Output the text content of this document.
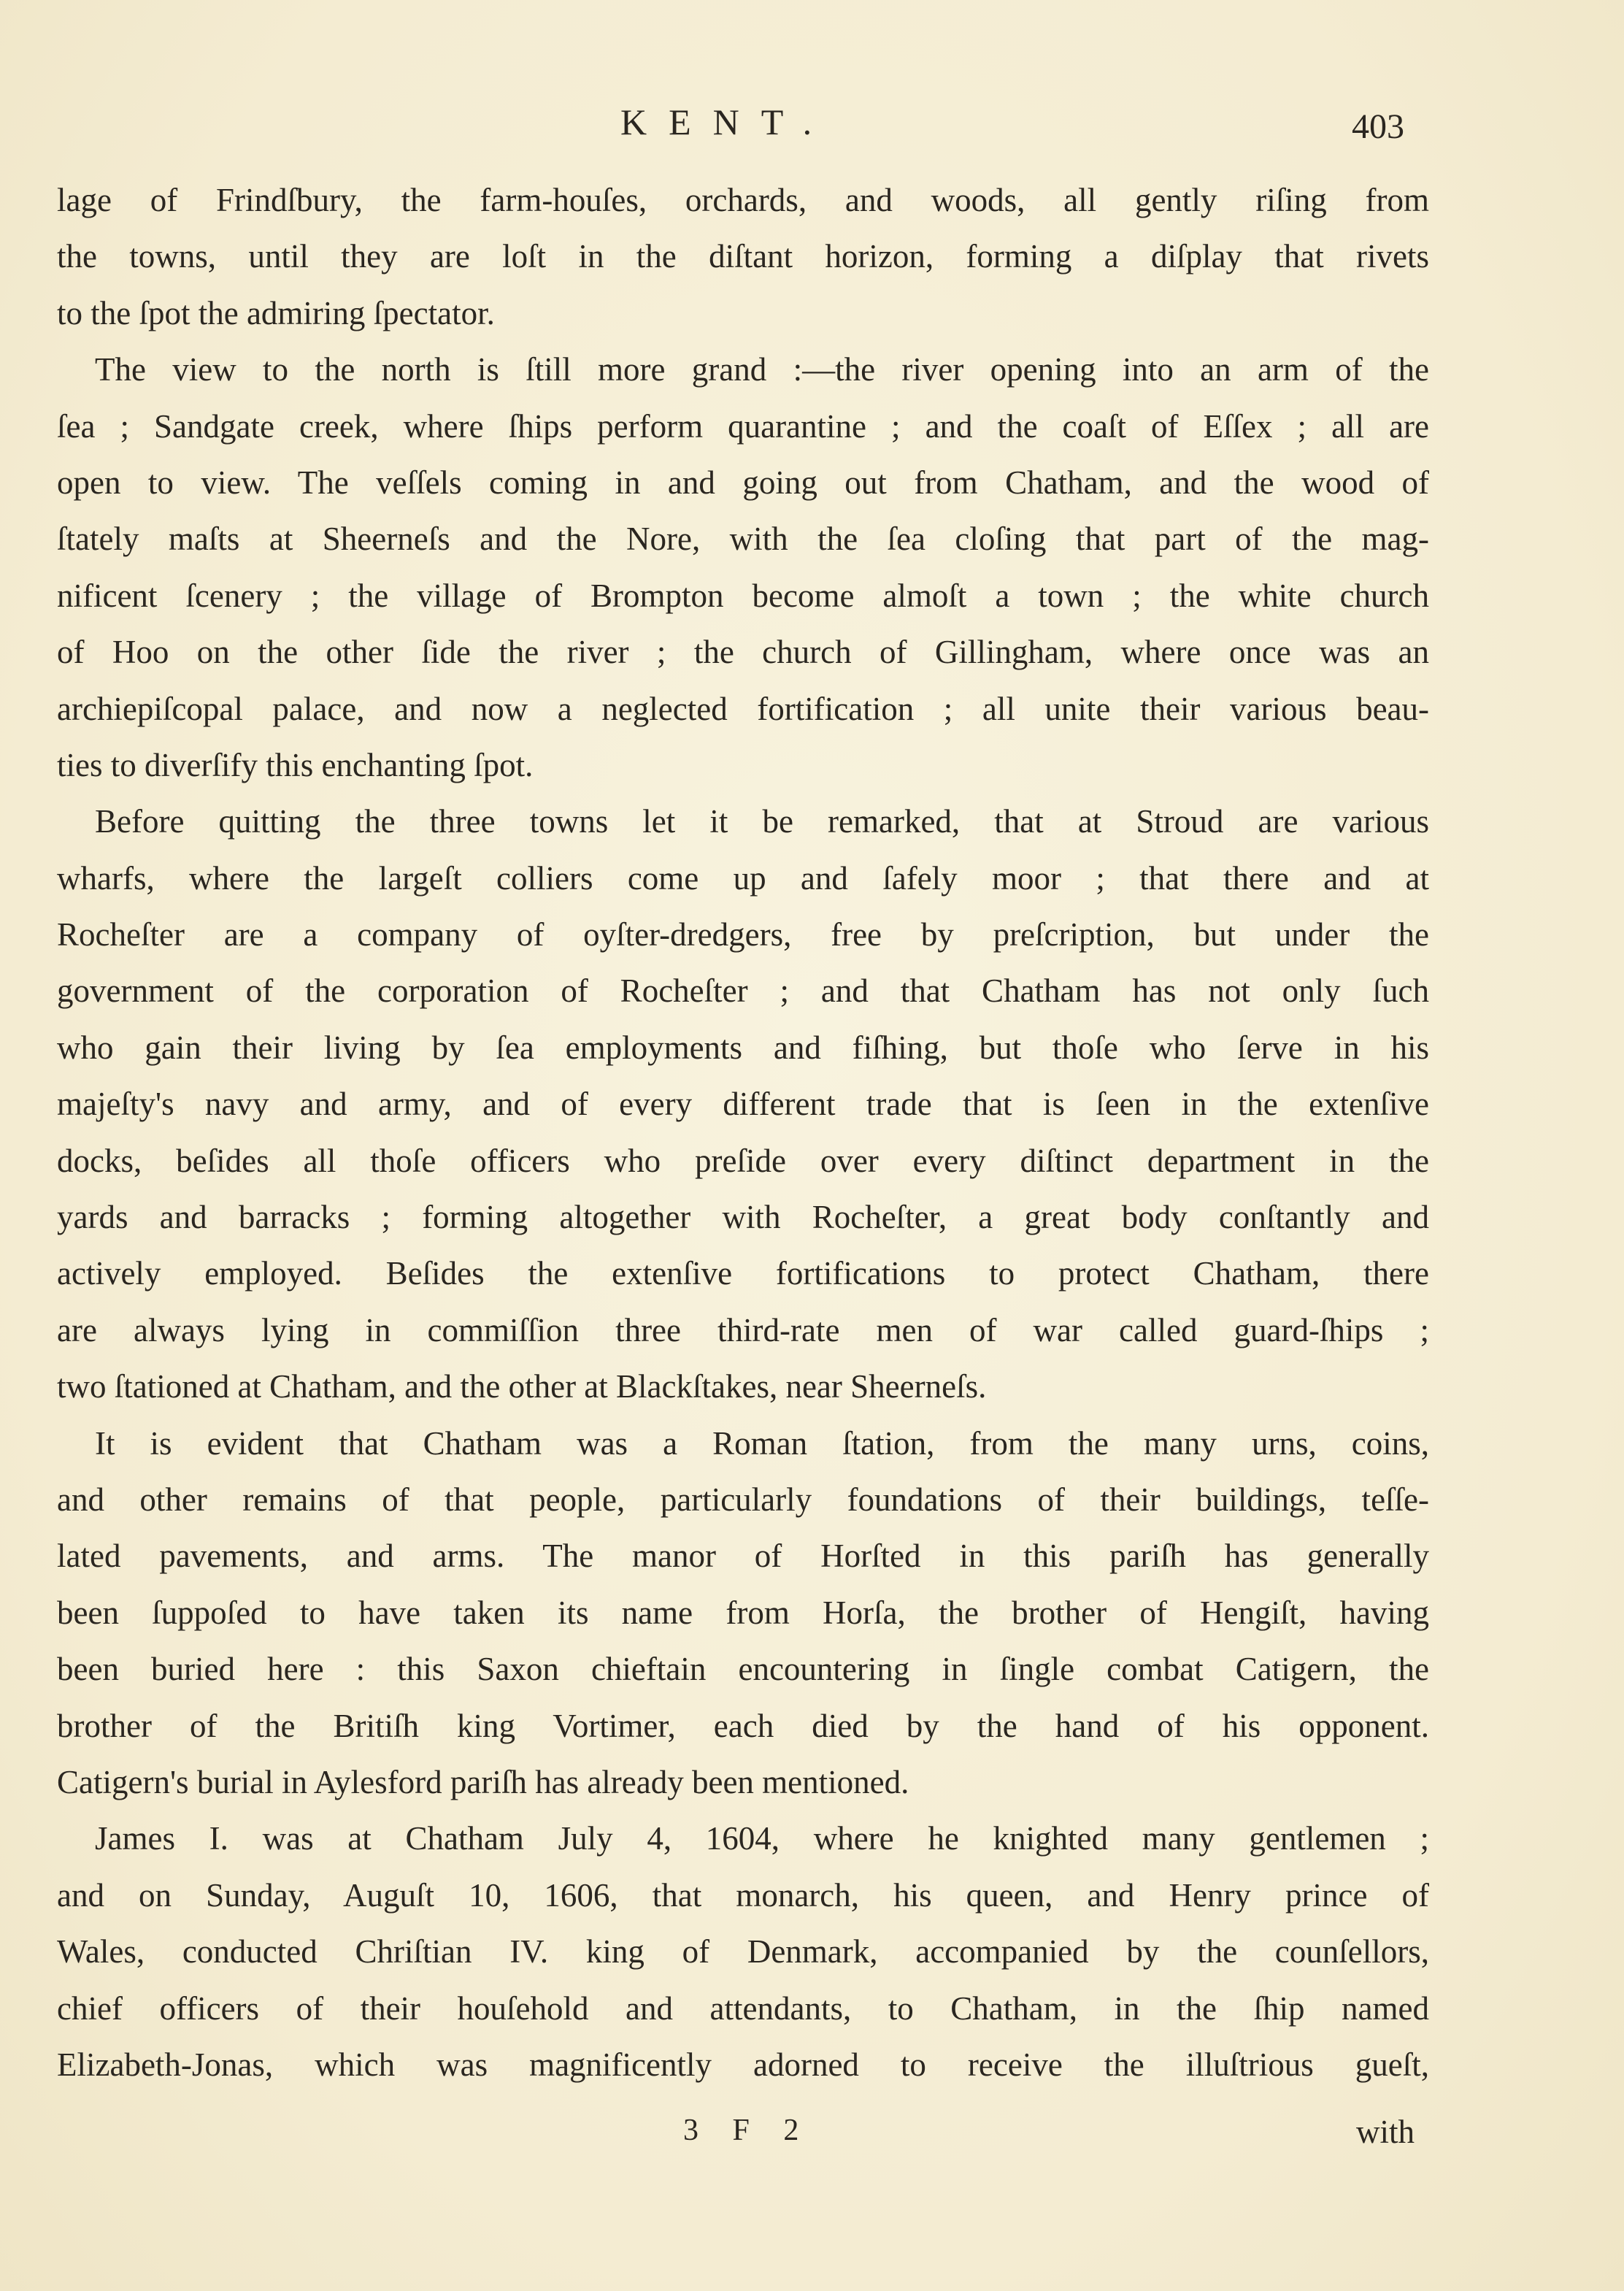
KENT.	403
lage of Frindſbury, the farm-houſes, orchards, and woods, all gently riſing from
the towns, until they are loſt in the diſtant horizon, forming a diſplay that rivets
to the ſpot the admiring ſpectator.
The view to the north is ſtill more grand :—the river opening into an arm of the
ſea ; Sandgate creek, where ſhips perform quarantine ; and the coaſt of Eſſex ; all are
open to view. The veſſels coming in and going out from Chatham, and the wood of
ſtately maſts at Sheerneſs and the Nore, with the ſea cloſing that part of the mag-
nificent ſcenery ; the village of Brompton become almoſt a town ; the white church
of Hoo on the other ſide the river ; the church of Gillingham, where once was an
archiepiſcopal palace, and now a neglected fortification ; all unite their various beau-
ties to diverſify this enchanting ſpot.
Before quitting the three towns let it be remarked, that at Stroud are various
wharfs, where the largeſt colliers come up and ſafely moor ; that there and at
Rocheſter are a company of oyſter-dredgers, free by preſcription, but under the
government of the corporation of Rocheſter ; and that Chatham has not only ſuch
who gain their living by ſea employments and fiſhing, but thoſe who ſerve in his
majeſty's navy and army, and of every different trade that is ſeen in the extenſive
docks, beſides all thoſe officers who preſide over every diſtinct department in the
yards and barracks ; forming altogether with Rocheſter, a great body conſtantly and
actively employed. Beſides the extenſive fortifications to protect Chatham, there
are always lying in commiſſion three third-rate men of war called guard-ſhips ;
two ſtationed at Chatham, and the other at Blackſtakes, near Sheerneſs.
It is evident that Chatham was a Roman ſtation, from the many urns, coins,
and other remains of that people, particularly foundations of their buildings, teſſe-
lated pavements, and arms. The manor of Horſted in this pariſh has generally
been ſuppoſed to have taken its name from Horſa, the brother of Hengiſt, having
been buried here : this Saxon chieftain encountering in ſingle combat Catigern, the
brother of the Britiſh king Vortimer, each died by the hand of his opponent.
Catigern's burial in Aylesford pariſh has already been mentioned.
James I. was at Chatham July 4, 1604, where he knighted many gentlemen ;
and on Sunday, Auguſt 10, 1606, that monarch, his queen, and Henry prince of
Wales, conducted Chriſtian IV. king of Denmark, accompanied by the counſellors,
chief officers of their houſehold and attendants, to Chatham, in the ſhip named
Elizabeth-Jonas, which was magnificently adorned to receive the illuſtrious gueſt,
3 F 2	with
